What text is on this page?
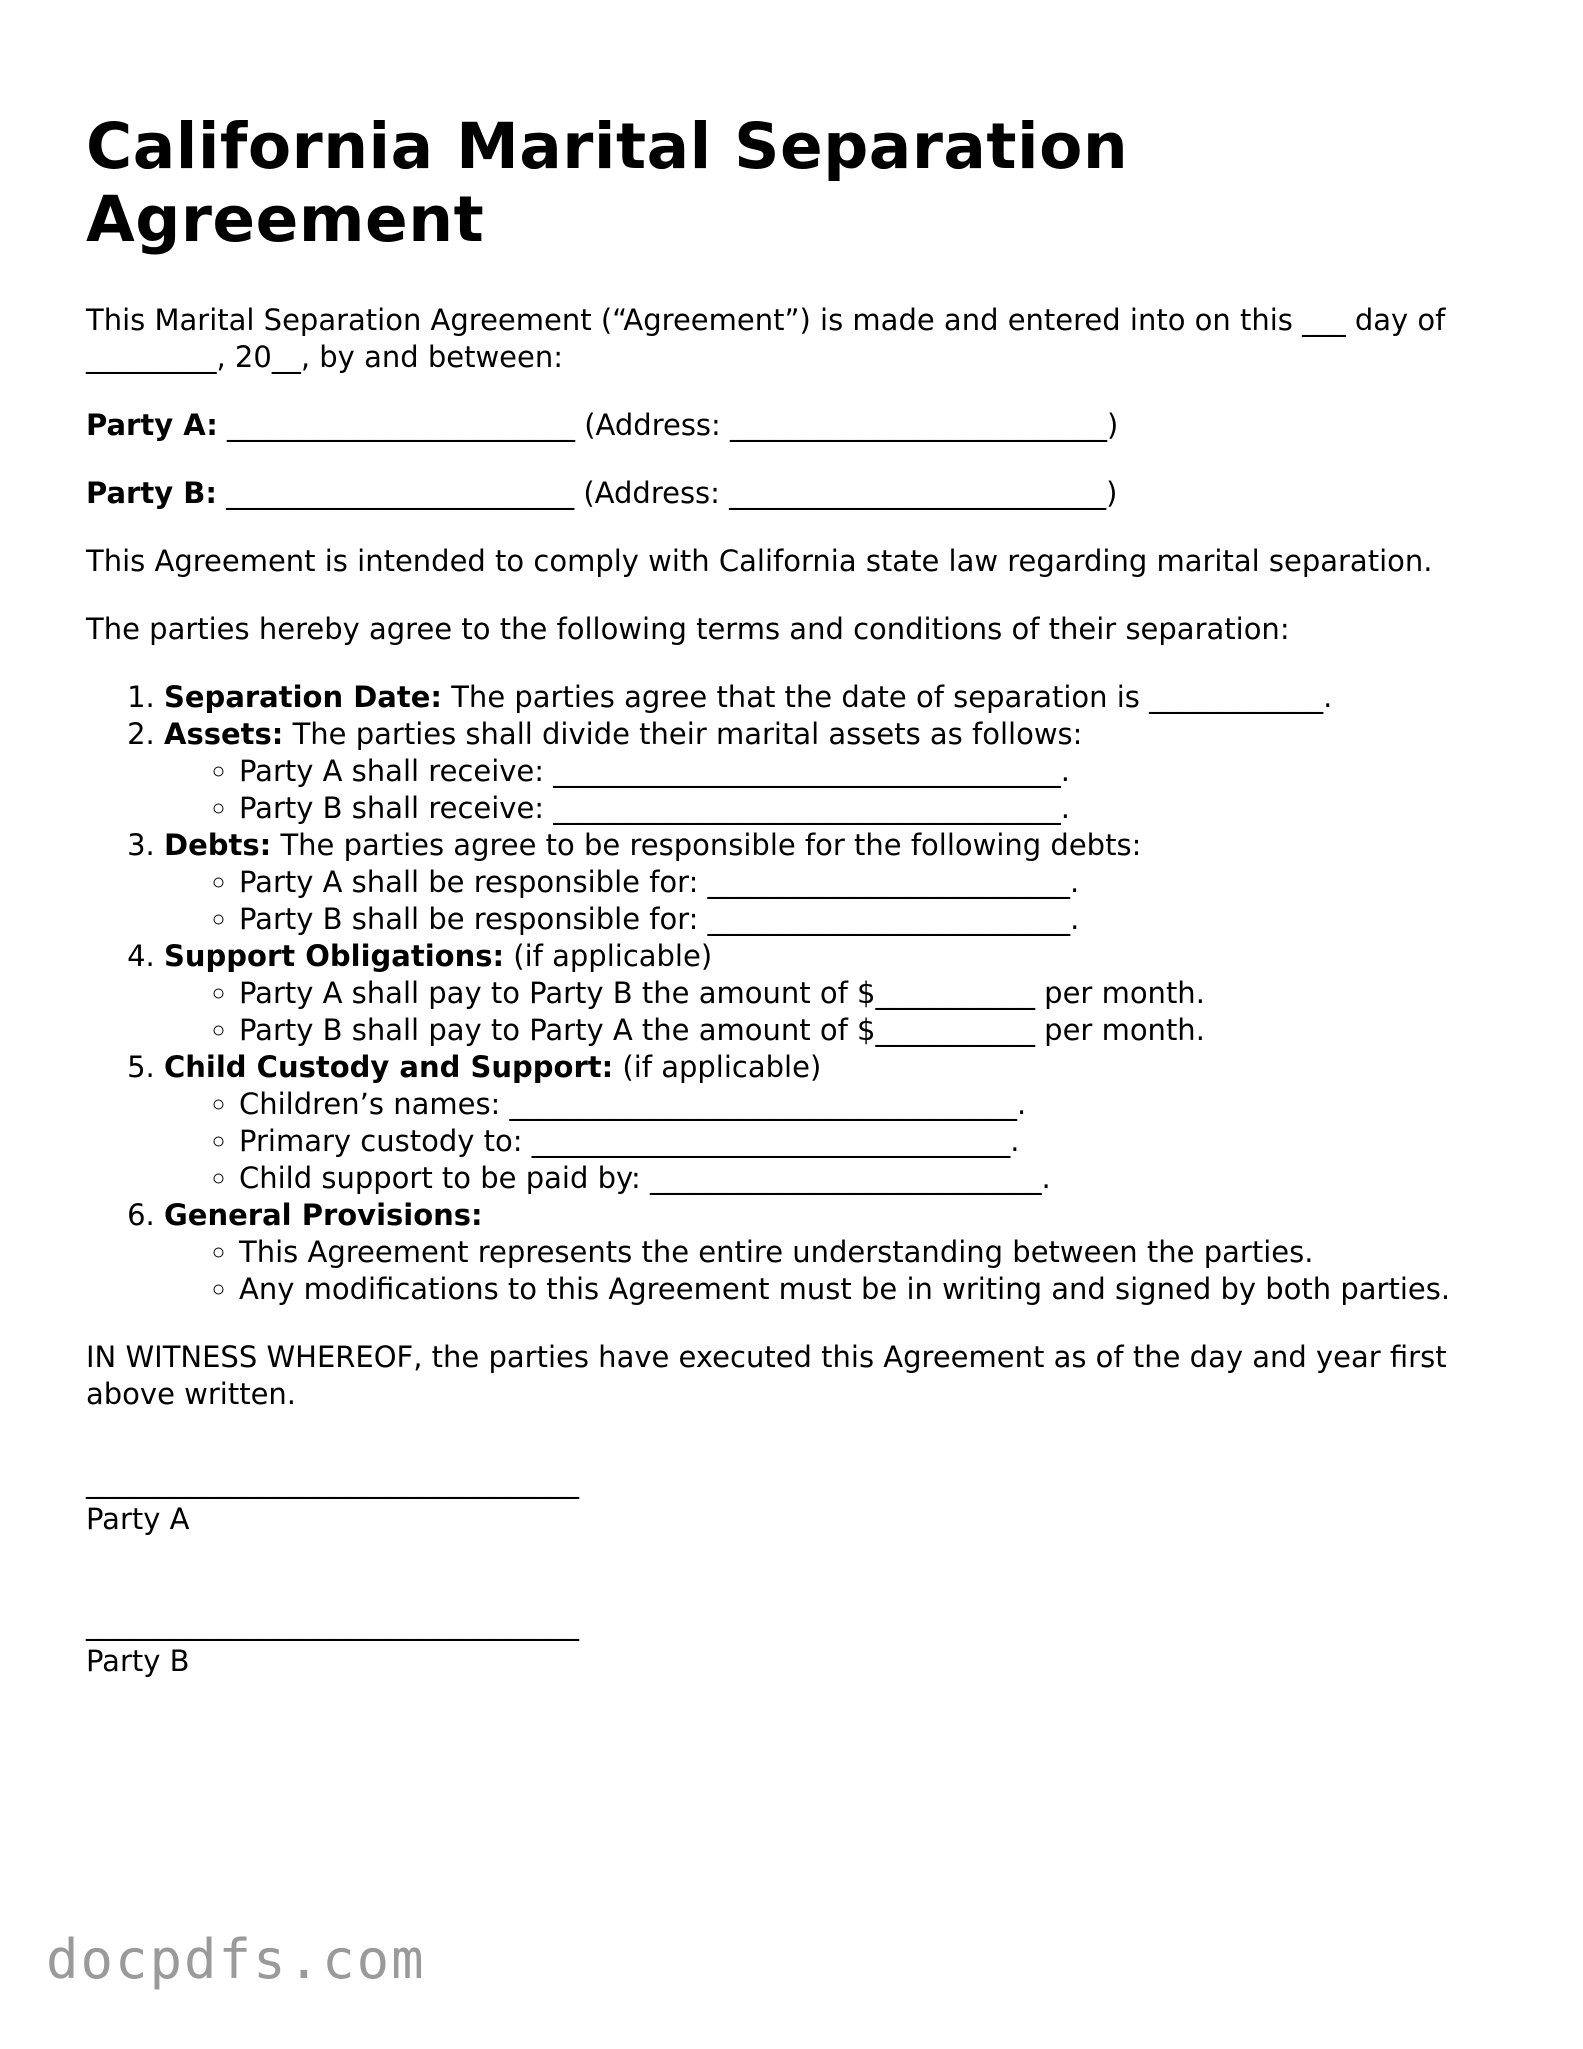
California Marital Separation Agreement

This Marital Separation Agreement (“Agreement”) is made and entered into on this ___ day of _________, 20__, by and between:

Party A: ________________________ (Address: __________________________)
Party B: ________________________ (Address: __________________________)

This Agreement is intended to comply with California state law regarding marital separation.

The parties hereby agree to the following terms and conditions of their separation:

1. Separation Date: The parties agree that the date of separation is ____________.
2. Assets: The parties shall divide their marital assets as follows:
◦ Party A shall receive: ___________________________________.
◦ Party B shall receive: ___________________________________.
3. Debts: The parties agree to be responsible for the following debts:
◦ Party A shall be responsible for: _________________________.
◦ Party B shall be responsible for: _________________________.
4. Support Obligations: (if applicable)
◦ Party A shall pay to Party B the amount of $___________ per month.
◦ Party B shall pay to Party A the amount of $___________ per month.
5. Child Custody and Support: (if applicable)
◦ Children’s names: ___________________________________.
◦ Primary custody to: _________________________________.
◦ Child support to be paid by: ___________________________.
6. General Provisions:
◦ This Agreement represents the entire understanding between the parties.
◦ Any modifications to this Agreement must be in writing and signed by both parties.

IN WITNESS WHEREOF, the parties have executed this Agreement as of the day and year first above written.

__________________________________
Party A
__________________________________
Party B
docpdfs.com
